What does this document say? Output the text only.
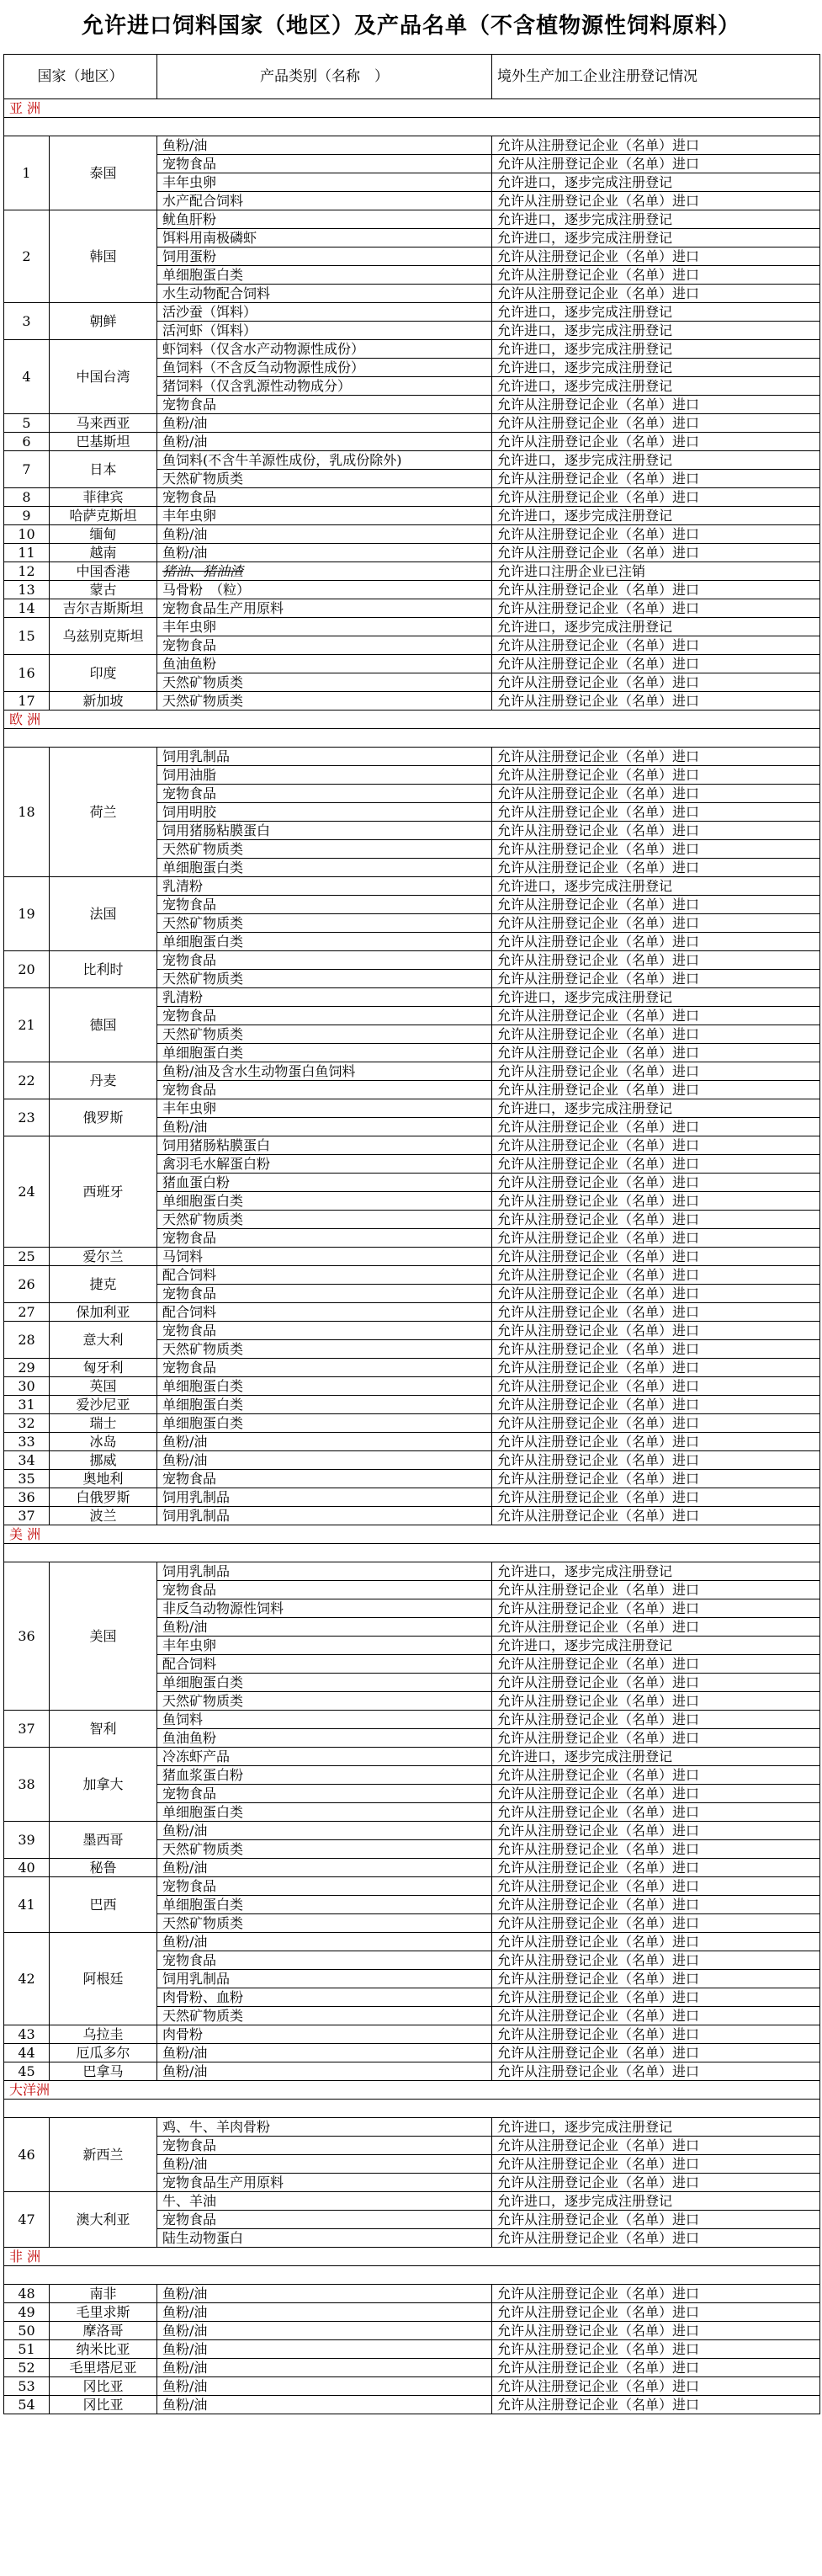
允许进口饲料国家（地区）及产品名单（不含植物源性饲料原料）
国家（地区）		产品类别（名称　）	境外生产加工企业注册登记情况
亚 洲			

1	泰国	鱼粉/油	允许从注册登记企业（名单）进口
		宠物食品	允许从注册登记企业（名单）进口
		丰年虫卵	允许进口，逐步完成注册登记
		水产配合饲料	允许从注册登记企业（名单）进口
2	韩国	鱿鱼肝粉	允许进口，逐步完成注册登记
		饵料用南极磷虾	允许进口，逐步完成注册登记
		饲用蛋粉	允许从注册登记企业（名单）进口
		单细胞蛋白类	允许从注册登记企业（名单）进口
		水生动物配合饲料	允许从注册登记企业（名单）进口
3	朝鲜	活沙蚕（饵料）	允许进口，逐步完成注册登记
		活河虾（饵料）	允许进口，逐步完成注册登记
4	中国台湾	虾饲料（仅含水产动物源性成份）	允许进口，逐步完成注册登记
		鱼饲料（不含反刍动物源性成份）	允许进口，逐步完成注册登记
		猪饲料（仅含乳源性动物成分）	允许进口，逐步完成注册登记
		宠物食品	允许从注册登记企业（名单）进口
5	马来西亚	鱼粉/油	允许从注册登记企业（名单）进口
6	巴基斯坦	鱼粉/油	允许从注册登记企业（名单）进口
7	日本	鱼饲料(不含牛羊源性成份，乳成份除外)	允许进口，逐步完成注册登记
		天然矿物质类	允许从注册登记企业（名单）进口
8	菲律宾	宠物食品	允许从注册登记企业（名单）进口
9	哈萨克斯坦	丰年虫卵	允许进口，逐步完成注册登记
10	缅甸	鱼粉/油	允许从注册登记企业（名单）进口
11	越南	鱼粉/油	允许从注册登记企业（名单）进口
12	中国香港	猪油、猪油渣	允许进口注册企业已注销
13	蒙古	马骨粉　（粒）	允许从注册登记企业（名单）进口
14	吉尔吉斯斯坦	宠物食品生产用原料	允许从注册登记企业（名单）进口
15	乌兹别克斯坦	丰年虫卵	允许进口，逐步完成注册登记
		宠物食品	允许从注册登记企业（名单）进口
16	印度	鱼油鱼粉	允许从注册登记企业（名单）进口
		天然矿物质类	允许从注册登记企业（名单）进口
17	新加坡	天然矿物质类	允许从注册登记企业（名单）进口
欧 洲			

18	荷兰	饲用乳制品	允许从注册登记企业（名单）进口
		饲用油脂	允许从注册登记企业（名单）进口
		宠物食品	允许从注册登记企业（名单）进口
		饲用明胶	允许从注册登记企业（名单）进口
		饲用猪肠粘膜蛋白	允许从注册登记企业（名单）进口
		天然矿物质类	允许从注册登记企业（名单）进口
		单细胞蛋白类	允许从注册登记企业（名单）进口
19	法国	乳清粉	允许进口，逐步完成注册登记
		宠物食品	允许从注册登记企业（名单）进口
		天然矿物质类	允许从注册登记企业（名单）进口
		单细胞蛋白类	允许从注册登记企业（名单）进口
20	比利时	宠物食品	允许从注册登记企业（名单）进口
		天然矿物质类	允许从注册登记企业（名单）进口
21	德国	乳清粉	允许进口，逐步完成注册登记
		宠物食品	允许从注册登记企业（名单）进口
		天然矿物质类	允许从注册登记企业（名单）进口
		单细胞蛋白类	允许从注册登记企业（名单）进口
22	丹麦	鱼粉/油及含水生动物蛋白鱼饲料	允许从注册登记企业（名单）进口
		宠物食品	允许从注册登记企业（名单）进口
23	俄罗斯	丰年虫卵	允许进口，逐步完成注册登记
		鱼粉/油	允许从注册登记企业（名单）进口
24	西班牙	饲用猪肠粘膜蛋白	允许从注册登记企业（名单）进口
		禽羽毛水解蛋白粉	允许从注册登记企业（名单）进口
		猪血蛋白粉	允许从注册登记企业（名单）进口
		单细胞蛋白类	允许从注册登记企业（名单）进口
		天然矿物质类	允许从注册登记企业（名单）进口
		宠物食品	允许从注册登记企业（名单）进口
25	爱尔兰	马饲料	允许从注册登记企业（名单）进口
26	捷克	配合饲料	允许从注册登记企业（名单）进口
		宠物食品	允许从注册登记企业（名单）进口
27	保加利亚	配合饲料	允许从注册登记企业（名单）进口
28	意大利	宠物食品	允许从注册登记企业（名单）进口
		天然矿物质类	允许从注册登记企业（名单）进口
29	匈牙利	宠物食品	允许从注册登记企业（名单）进口
30	英国	单细胞蛋白类	允许从注册登记企业（名单）进口
31	爱沙尼亚	单细胞蛋白类	允许从注册登记企业（名单）进口
32	瑞士	单细胞蛋白类	允许从注册登记企业（名单）进口
33	冰岛	鱼粉/油	允许从注册登记企业（名单）进口
34	挪威	鱼粉/油	允许从注册登记企业（名单）进口
35	奥地利	宠物食品	允许从注册登记企业（名单）进口
36	白俄罗斯	饲用乳制品	允许从注册登记企业（名单）进口
37	波兰	饲用乳制品	允许从注册登记企业（名单）进口
美 洲			

36	美国	饲用乳制品	允许进口，逐步完成注册登记
		宠物食品	允许从注册登记企业（名单）进口
		非反刍动物源性饲料	允许从注册登记企业（名单）进口
		鱼粉/油	允许从注册登记企业（名单）进口
		丰年虫卵	允许进口，逐步完成注册登记
		配合饲料	允许从注册登记企业（名单）进口
		单细胞蛋白类	允许从注册登记企业（名单）进口
		天然矿物质类	允许从注册登记企业（名单）进口
37	智利	鱼饲料	允许从注册登记企业（名单）进口
		鱼油鱼粉	允许从注册登记企业（名单）进口
38	加拿大	冷冻虾产品	允许进口，逐步完成注册登记
		猪血浆蛋白粉	允许从注册登记企业（名单）进口
		宠物食品	允许从注册登记企业（名单）进口
		单细胞蛋白类	允许从注册登记企业（名单）进口
39	墨西哥	鱼粉/油	允许从注册登记企业（名单）进口
		天然矿物质类	允许从注册登记企业（名单）进口
40	秘鲁	鱼粉/油	允许从注册登记企业（名单）进口
41	巴西	宠物食品	允许从注册登记企业（名单）进口
		单细胞蛋白类	允许从注册登记企业（名单）进口
		天然矿物质类	允许从注册登记企业（名单）进口
42	阿根廷	鱼粉/油	允许从注册登记企业（名单）进口
		宠物食品	允许从注册登记企业（名单）进口
		饲用乳制品	允许从注册登记企业（名单）进口
		肉骨粉、血粉	允许从注册登记企业（名单）进口
		天然矿物质类	允许从注册登记企业（名单）进口
43	乌拉圭	肉骨粉	允许从注册登记企业（名单）进口
44	厄瓜多尔	鱼粉/油	允许从注册登记企业（名单）进口
45	巴拿马	鱼粉/油	允许从注册登记企业（名单）进口
大洋洲			

46	新西兰	鸡、牛、羊肉骨粉	允许进口，逐步完成注册登记
		宠物食品	允许从注册登记企业（名单）进口
		鱼粉/油	允许从注册登记企业（名单）进口
		宠物食品生产用原料	允许从注册登记企业（名单）进口
47	澳大利亚	牛、羊油	允许进口，逐步完成注册登记
		宠物食品	允许从注册登记企业（名单）进口
		陆生动物蛋白	允许从注册登记企业（名单）进口
非 洲			

48	南非	鱼粉/油	允许从注册登记企业（名单）进口
49	毛里求斯	鱼粉/油	允许从注册登记企业（名单）进口
50	摩洛哥	鱼粉/油	允许从注册登记企业（名单）进口
51	纳米比亚	鱼粉/油	允许从注册登记企业（名单）进口
52	毛里塔尼亚	鱼粉/油	允许从注册登记企业（名单）进口
53	冈比亚	鱼粉/油	允许从注册登记企业（名单）进口
54	冈比亚	鱼粉/油	允许从注册登记企业（名单）进口
